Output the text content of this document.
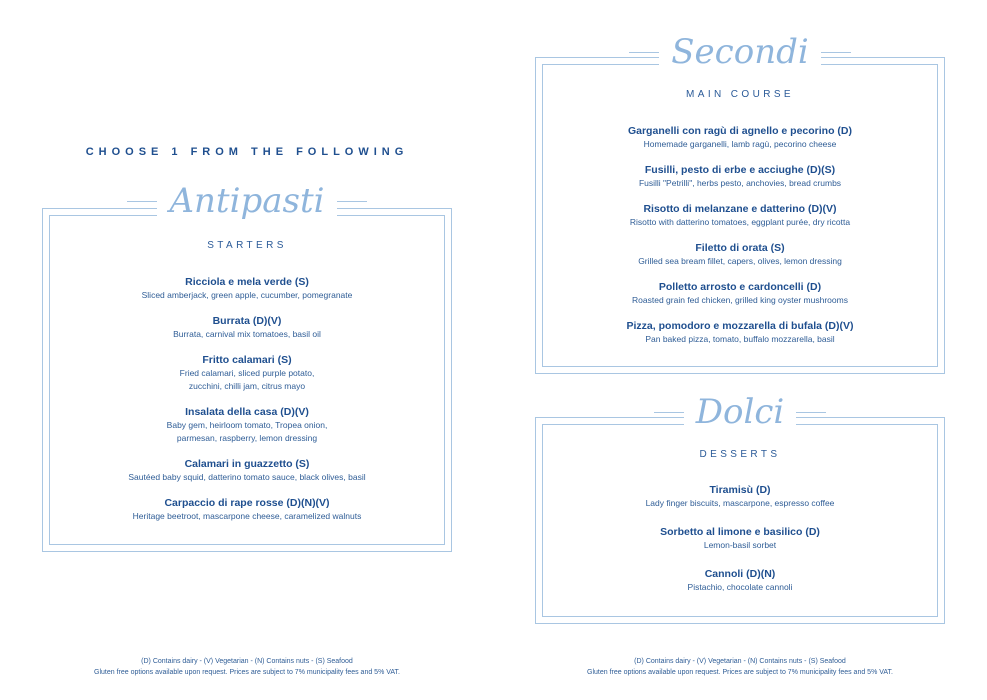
CHOOSE 1 FROM THE FOLLOWING
Antipasti
STARTERS
Ricciola e mela verde (S)
Sliced amberjack, green apple, cucumber, pomegranate
Burrata (D)(V)
Burrata, carnival mix tomatoes, basil oil
Fritto calamari (S)
Fried calamari, sliced purple potato,
zucchini, chilli jam, citrus mayo
Insalata della casa (D)(V)
Baby gem, heirloom tomato, Tropea onion,
parmesan, raspberry, lemon dressing
Calamari in guazzetto (S)
Sautéed baby squid, datterino tomato sauce, black olives, basil
Carpaccio di rape rosse (D)(N)(V)
Heritage beetroot, mascarpone cheese, caramelized walnuts
(D) Contains dairy - (V) Vegetarian - (N) Contains nuts - (S) Seafood
Gluten free options available upon request. Prices are subject to 7% municipality fees and 5% VAT.
Secondi
MAIN COURSE
Garganelli con ragù di agnello e pecorino (D)
Homemade garganelli, lamb ragù, pecorino cheese
Fusilli, pesto di erbe e acciughe (D)(S)
Fusilli "Petrilli", herbs pesto, anchovies, bread crumbs
Risotto di melanzane e datterino (D)(V)
Risotto with datterino tomatoes, eggplant purée, dry ricotta
Filetto di orata (S)
Grilled sea bream fillet, capers, olives, lemon dressing
Polletto arrosto e cardoncelli (D)
Roasted grain fed chicken, grilled king oyster mushrooms
Pizza, pomodoro e mozzarella di bufala (D)(V)
Pan baked pizza, tomato, buffalo mozzarella, basil
Dolci
DESSERTS
Tiramisù (D)
Lady finger biscuits, mascarpone, espresso coffee
Sorbetto al limone e basilico (D)
Lemon-basil sorbet
Cannoli (D)(N)
Pistachio, chocolate cannoli
(D) Contains dairy - (V) Vegetarian - (N) Contains nuts - (S) Seafood
Gluten free options available upon request. Prices are subject to 7% municipality fees and 5% VAT.
